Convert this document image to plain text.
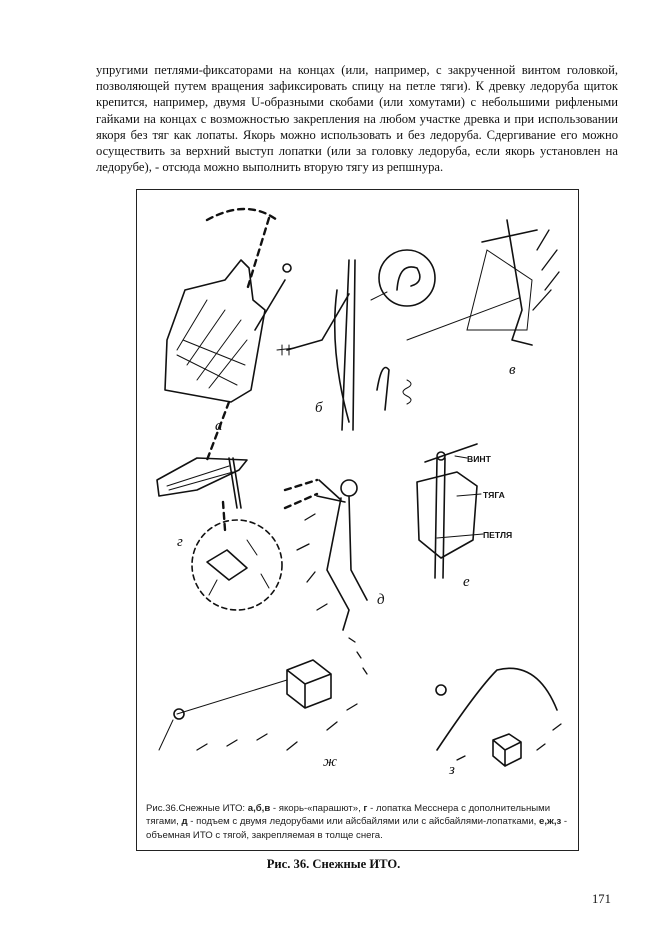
упругими петлями-фиксаторами на концах (или, например, с закрученной винтом головкой, позволяющей путем вращения зафиксировать спицу на петле тяги). К древку ледоруба щиток крепится, например, двумя U-образными скобами (или хомутами) с небольшими рифлеными гайками на концах с возможностью закрепления на любом участке древка и при использовании якоря без тяг как лопаты. Якорь можно использовать и без ледоруба. Сдергивание его можно осуществить за верхний выступ лопатки (или за головку ледоруба, если якорь установлен на ледорубе), - отсюда можно выполнить вторую тягу из репшнура.

а
б
в
г
д
ВИНТ
ТЯГА
ПЕТЛЯ
е
ж	з

Рис.36.Снежные ИТО: а,б,в - якорь-«парашют», г - лопатка Месснера с дополнительными тягами, д - подъем с двумя ледорубами или айсбайлями или с айсбайлями-лопатками, е,ж,з - объемная ИТО с тягой, закрепляемая в толще снега.

Рис. 36. Снежные ИТО.

171
